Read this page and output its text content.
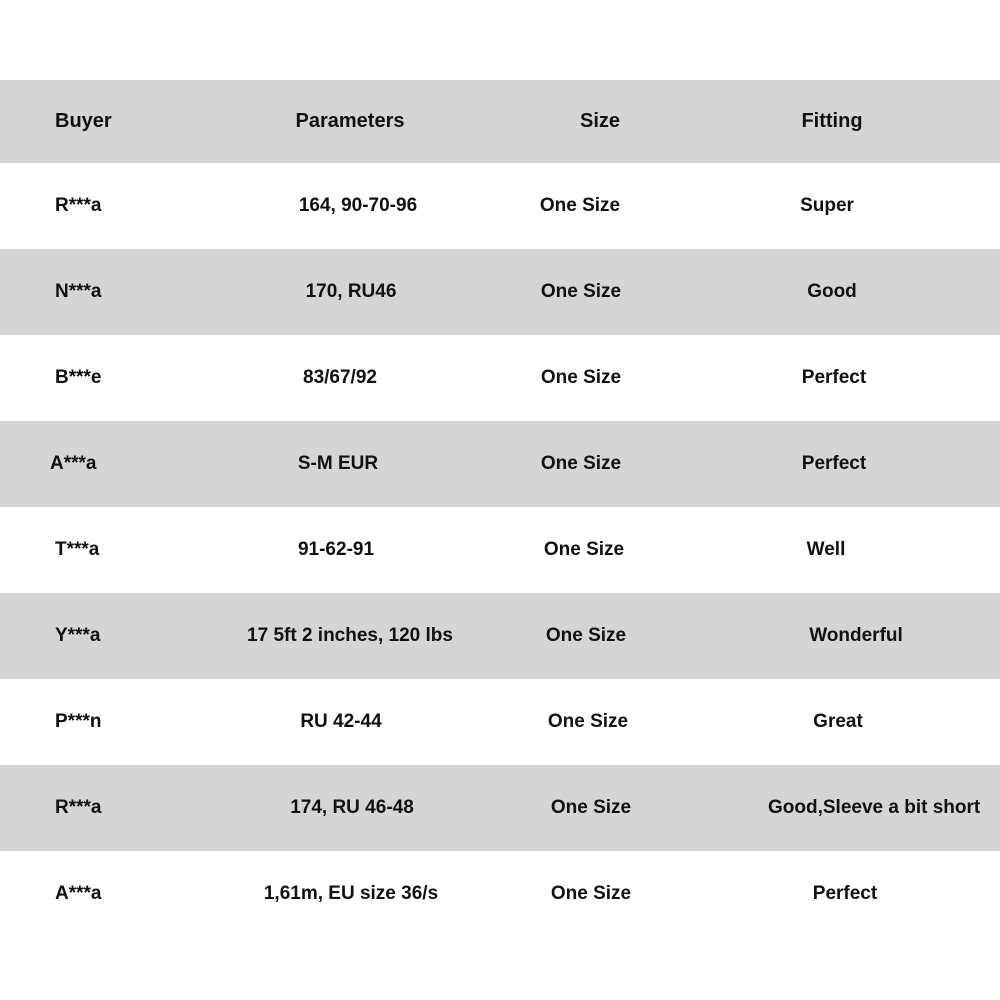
Buyer	Parameters	Size	Fitting
R***a	164, 90-70-96	One Size	Super
N***a	170, RU46	One Size	Good
B***e	83/67/92	One Size	Perfect
A***a	S-M EUR	One Size	Perfect
T***a	91-62-91	One Size	Well
Y***a	17 5ft 2 inches, 120 lbs	One Size	Wonderful
P***n	RU 42-44	One Size	Great
R***a	174, RU 46-48	One Size	Good,Sleeve a bit short
A***a	1,61m, EU size 36/s	One Size	Perfect
